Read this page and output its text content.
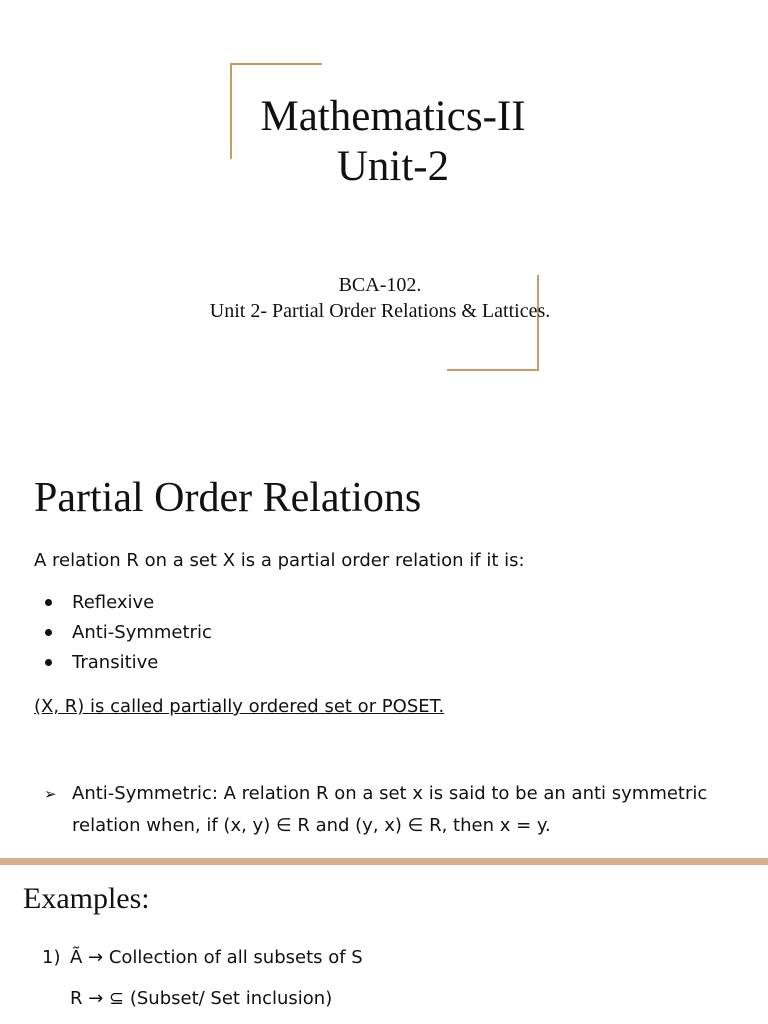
Mathematics-II
Unit-2
BCA-102.
Unit 2- Partial Order Relations & Lattices.
Partial Order Relations
A relation R on a set X is a partial order relation if it is:
Reflexive
Anti-Symmetric
Transitive
(X, R) is called partially ordered set or POSET.
➢ Anti-Symmetric: A relation R on a set x is said to be an anti symmetric
relation when, if (x, y) ∈ R and (y, x) ∈ R, then x = y.
Examples:
1) Ã → Collection of all subsets of S
R → ⊆ (Subset/ Set inclusion)
